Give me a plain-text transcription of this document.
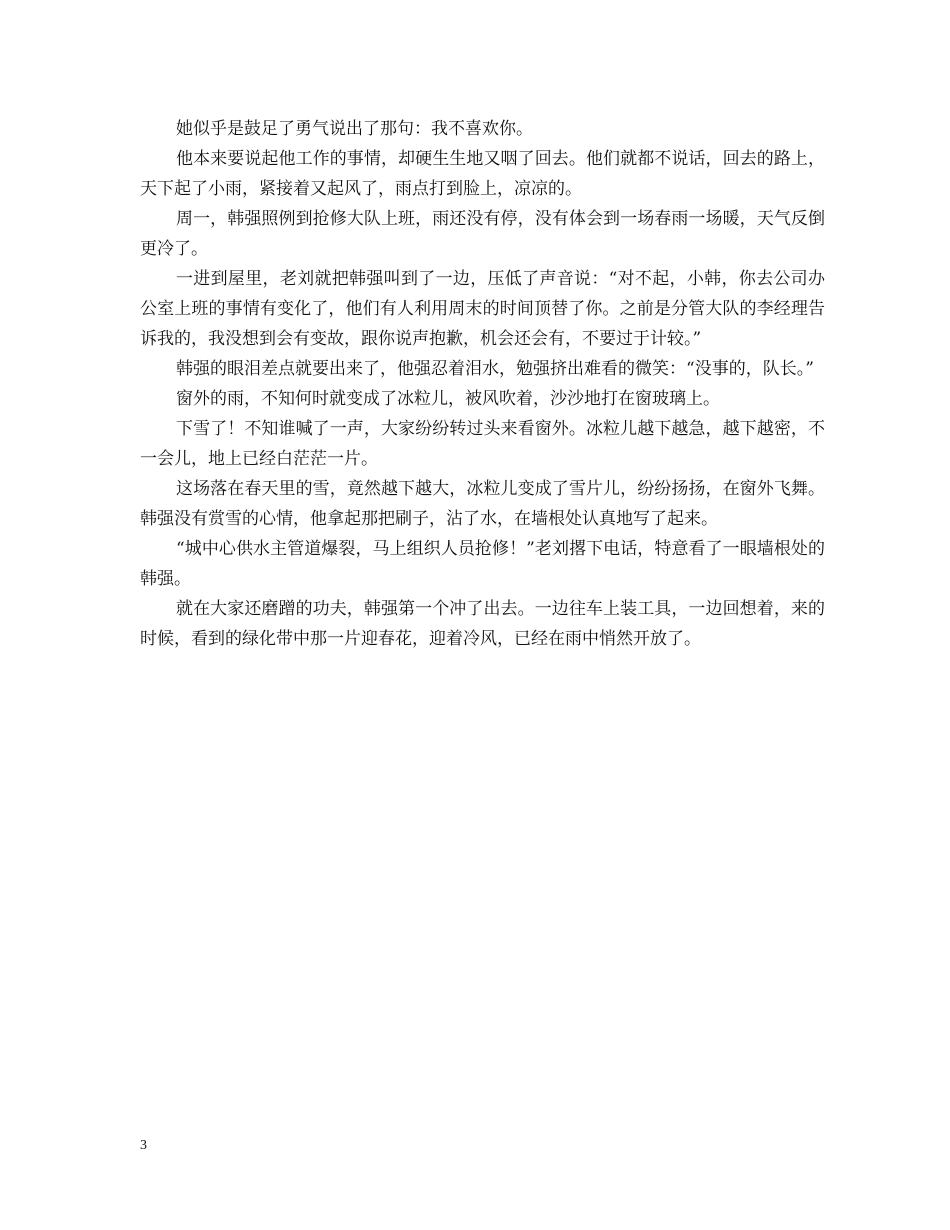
她似乎是鼓足了勇气说出了那句：我不喜欢你。

他本来要说起他工作的事情，却硬生生地又咽了回去。他们就都不说话，回去的路上，天下起了小雨，紧接着又起风了，雨点打到脸上，凉凉的。

周一，韩强照例到抢修大队上班，雨还没有停，没有体会到一场春雨一场暖，天气反倒更冷了。

一进到屋里，老刘就把韩强叫到了一边，压低了声音说：“对不起，小韩，你去公司办公室上班的事情有变化了，他们有人利用周末的时间顶替了你。之前是分管大队的李经理告诉我的，我没想到会有变故，跟你说声抱歉，机会还会有，不要过于计较。”

韩强的眼泪差点就要出来了，他强忍着泪水，勉强挤出难看的微笑：“没事的，队长。”

窗外的雨，不知何时就变成了冰粒儿，被风吹着，沙沙地打在窗玻璃上。

下雪了！不知谁喊了一声，大家纷纷转过头来看窗外。冰粒儿越下越急，越下越密，不一会儿，地上已经白茫茫一片。

这场落在春天里的雪，竟然越下越大，冰粒儿变成了雪片儿，纷纷扬扬，在窗外飞舞。韩强没有赏雪的心情，他拿起那把刷子，沾了水，在墙根处认真地写了起来。

“城中心供水主管道爆裂，马上组织人员抢修！”老刘撂下电话，特意看了一眼墙根处的韩强。

就在大家还磨蹭的功夫，韩强第一个冲了出去。一边往车上装工具，一边回想着，来的时候，看到的绿化带中那一片迎春花，迎着冷风，已经在雨中悄然开放了。

3
